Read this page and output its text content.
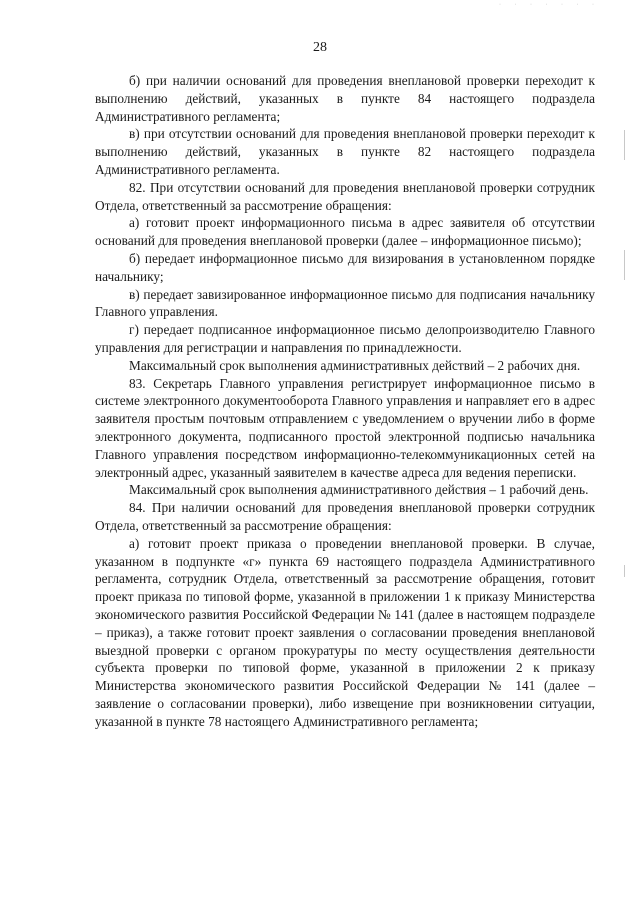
· · · · · · ·
28

б) при наличии оснований для проведения внеплановой проверки переходит к выполнению действий, указанных в пункте 84 настоящего подраздела Административного регламента;

в) при отсутствии оснований для проведения внеплановой проверки переходит к выполнению действий, указанных в пункте 82 настоящего подраздела Административного регламента.

82. При отсутствии оснований для проведения внеплановой проверки сотрудник Отдела, ответственный за рассмотрение обращения:

а) готовит проект информационного письма в адрес заявителя об отсутствии оснований для проведения внеплановой проверки (далее – информационное письмо);

б) передает информационное письмо для визирования в установленном порядке начальнику;

в) передает завизированное информационное письмо для подписания начальнику Главного управления.

г) передает подписанное информационное письмо делопроизводителю Главного управления для регистрации и направления по принадлежности.

Максимальный срок выполнения административных действий – 2 рабочих дня.

83. Секретарь Главного управления регистрирует информационное письмо в системе электронного документооборота Главного управления и направляет его в адрес заявителя простым почтовым отправлением с уведомлением о вручении либо в форме электронного документа, подписанного простой электронной подписью начальника Главного управления посредством информационно-телекоммуникационных сетей на электронный адрес, указанный заявителем в качестве адреса для ведения переписки.

Максимальный срок выполнения административного действия – 1 рабочий день.

84. При наличии оснований для проведения внеплановой проверки сотрудник Отдела, ответственный за рассмотрение обращения:

а) готовит проект приказа о проведении внеплановой проверки. В случае, указанном в подпункте «г» пункта 69 настоящего подраздела Административного регламента, сотрудник Отдела, ответственный за рассмотрение обращения, готовит проект приказа по типовой форме, указанной в приложении 1 к приказу Министерства экономического развития Российской Федерации № 141 (далее в настоящем подразделе – приказ), а также готовит проект заявления о согласовании проведения внеплановой выездной проверки с органом прокуратуры по месту осуществления деятельности субъекта проверки по типовой форме, указанной в приложении 2 к приказу Министерства экономического развития Российской Федерации № 141 (далее – заявление о согласовании проверки), либо извещение при возникновении ситуации, указанной в пункте 78 настоящего Административного регламента;
